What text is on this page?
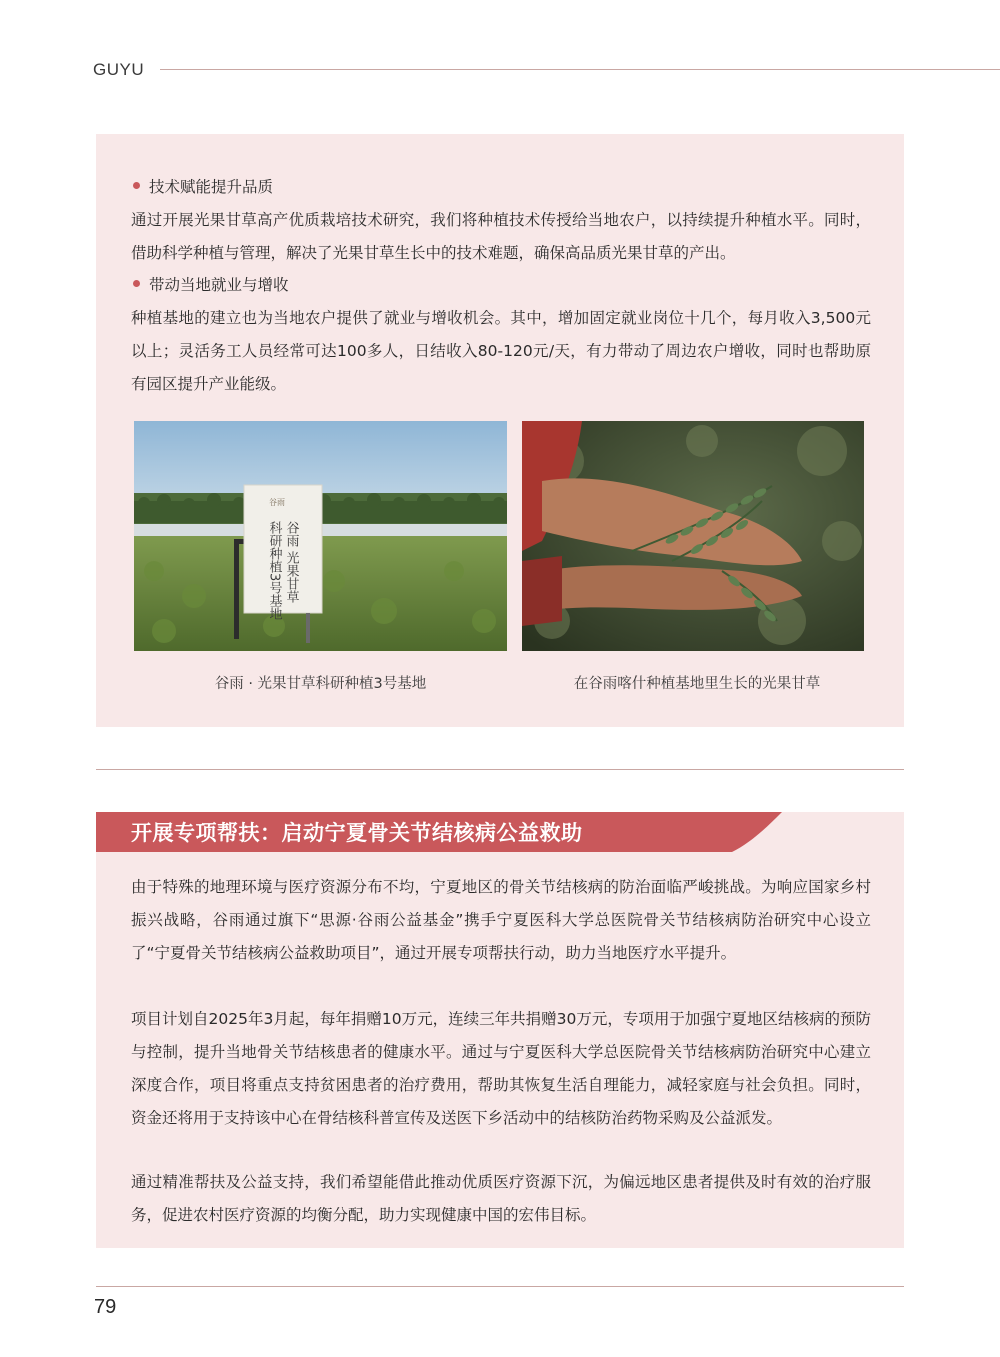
GUYU
技术赋能提升品质

通过开展光果甘草高产优质栽培技术研究，我们将种植技术传授给当地农户，以持续提升种植水平。同时，借助科学种植与管理，解决了光果甘草生长中的技术难题，确保高品质光果甘草的产出。

带动当地就业与增收

种植基地的建立也为当地农户提供了就业与增收机会。其中，增加固定就业岗位十几个，每月收入3,500元以上；灵活务工人员经常可达100多人，日结收入80-120元/天，有力带动了周边农户增收，同时也帮助原有园区提升产业能级。

谷雨
谷雨 光果甘草
科研种植3号基地
谷雨 · 光果甘草科研种植3号基地	在谷雨喀什种植基地里生长的光果甘草
开展专项帮扶：启动宁夏骨关节结核病公益救助

由于特殊的地理环境与医疗资源分布不均，宁夏地区的骨关节结核病的防治面临严峻挑战。为响应国家乡村振兴战略，谷雨通过旗下“思源·谷雨公益基金”携手宁夏医科大学总医院骨关节结核病防治研究中心设立了“宁夏骨关节结核病公益救助项目”，通过开展专项帮扶行动，助力当地医疗水平提升。

项目计划自2025年3月起，每年捐赠10万元，连续三年共捐赠30万元，专项用于加强宁夏地区结核病的预防与控制，提升当地骨关节结核患者的健康水平。通过与宁夏医科大学总医院骨关节结核病防治研究中心建立深度合作，项目将重点支持贫困患者的治疗费用，帮助其恢复生活自理能力，减轻家庭与社会负担。同时，资金还将用于支持该中心在骨结核科普宣传及送医下乡活动中的结核防治药物采购及公益派发。

通过精准帮扶及公益支持，我们希望能借此推动优质医疗资源下沉，为偏远地区患者提供及时有效的治疗服务，促进农村医疗资源的均衡分配，助力实现健康中国的宏伟目标。

79
